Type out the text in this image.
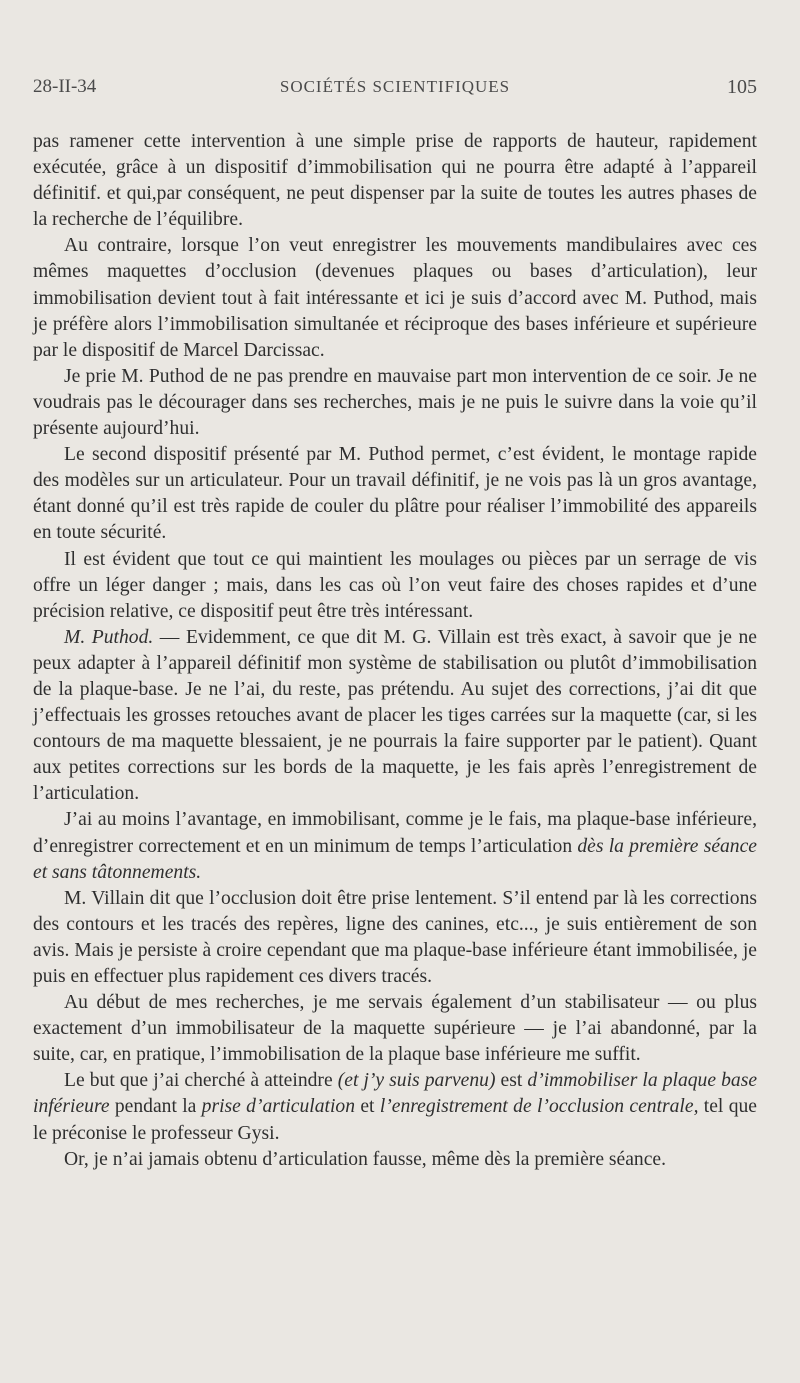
28-II-34	SOCIÉTÉS SCIENTIFIQUES	105

pas ramener cette intervention à une simple prise de rapports de hauteur, rapidement exécutée, grâce à un dispositif d’immobilisation qui ne pourra être adapté à l’appareil définitif. et qui,par conséquent, ne peut dispenser par la suite de toutes les autres phases de la recherche de l’équilibre.

Au contraire, lorsque l’on veut enregistrer les mouvements mandibulaires avec ces mêmes maquettes d’occlusion (devenues plaques ou bases d’articulation), leur immobilisation devient tout à fait intéressante et ici je suis d’accord avec M. Puthod, mais je préfère alors l’immobilisation simultanée et réciproque des bases inférieure et supérieure par le dispositif de Marcel Darcissac.

Je prie M. Puthod de ne pas prendre en mauvaise part mon intervention de ce soir. Je ne voudrais pas le décourager dans ses recherches, mais je ne puis le suivre dans la voie qu’il présente aujourd’hui.

Le second dispositif présenté par M. Puthod permet, c’est évident, le montage rapide des modèles sur un articulateur. Pour un travail définitif, je ne vois pas là un gros avantage, étant donné qu’il est très rapide de couler du plâtre pour réaliser l’immobilité des appareils en toute sécurité.

Il est évident que tout ce qui maintient les moulages ou pièces par un serrage de vis offre un léger danger ; mais, dans les cas où l’on veut faire des choses rapides et d’une précision relative, ce dispositif peut être très intéressant.

M. Puthod. — Evidemment, ce que dit M. G. Villain est très exact, à savoir que je ne peux adapter à l’appareil définitif mon système de stabilisation ou plutôt d’immobilisation de la plaque-base. Je ne l’ai, du reste, pas prétendu. Au sujet des corrections, j’ai dit que j’effectuais les grosses retouches avant de placer les tiges carrées sur la maquette (car, si les contours de ma maquette blessaient, je ne pourrais la faire supporter par le patient). Quant aux petites corrections sur les bords de la maquette, je les fais après l’enregistrement de l’articulation.

J’ai au moins l’avantage, en immobilisant, comme je le fais, ma plaque-base inférieure, d’enregistrer correctement et en un minimum de temps l’articulation dès la première séance et sans tâtonnements.

M. Villain dit que l’occlusion doit être prise lentement. S’il entend par là les corrections des contours et les tracés des repères, ligne des canines, etc..., je suis entièrement de son avis. Mais je persiste à croire cependant que ma plaque-base inférieure étant immobilisée, je puis en effectuer plus rapidement ces divers tracés.

Au début de mes recherches, je me servais également d’un stabilisateur — ou plus exactement d’un immobilisateur de la maquette supérieure — je l’ai abandonné, par la suite, car, en pratique, l’immobilisation de la plaque base inférieure me suffit.

Le but que j’ai cherché à atteindre (et j’y suis parvenu) est d’immobiliser la plaque base inférieure pendant la prise d’articulation et l’enregistrement de l’occlusion centrale, tel que le préconise le professeur Gysi.

Or, je n’ai jamais obtenu d’articulation fausse, même dès la première séance.
